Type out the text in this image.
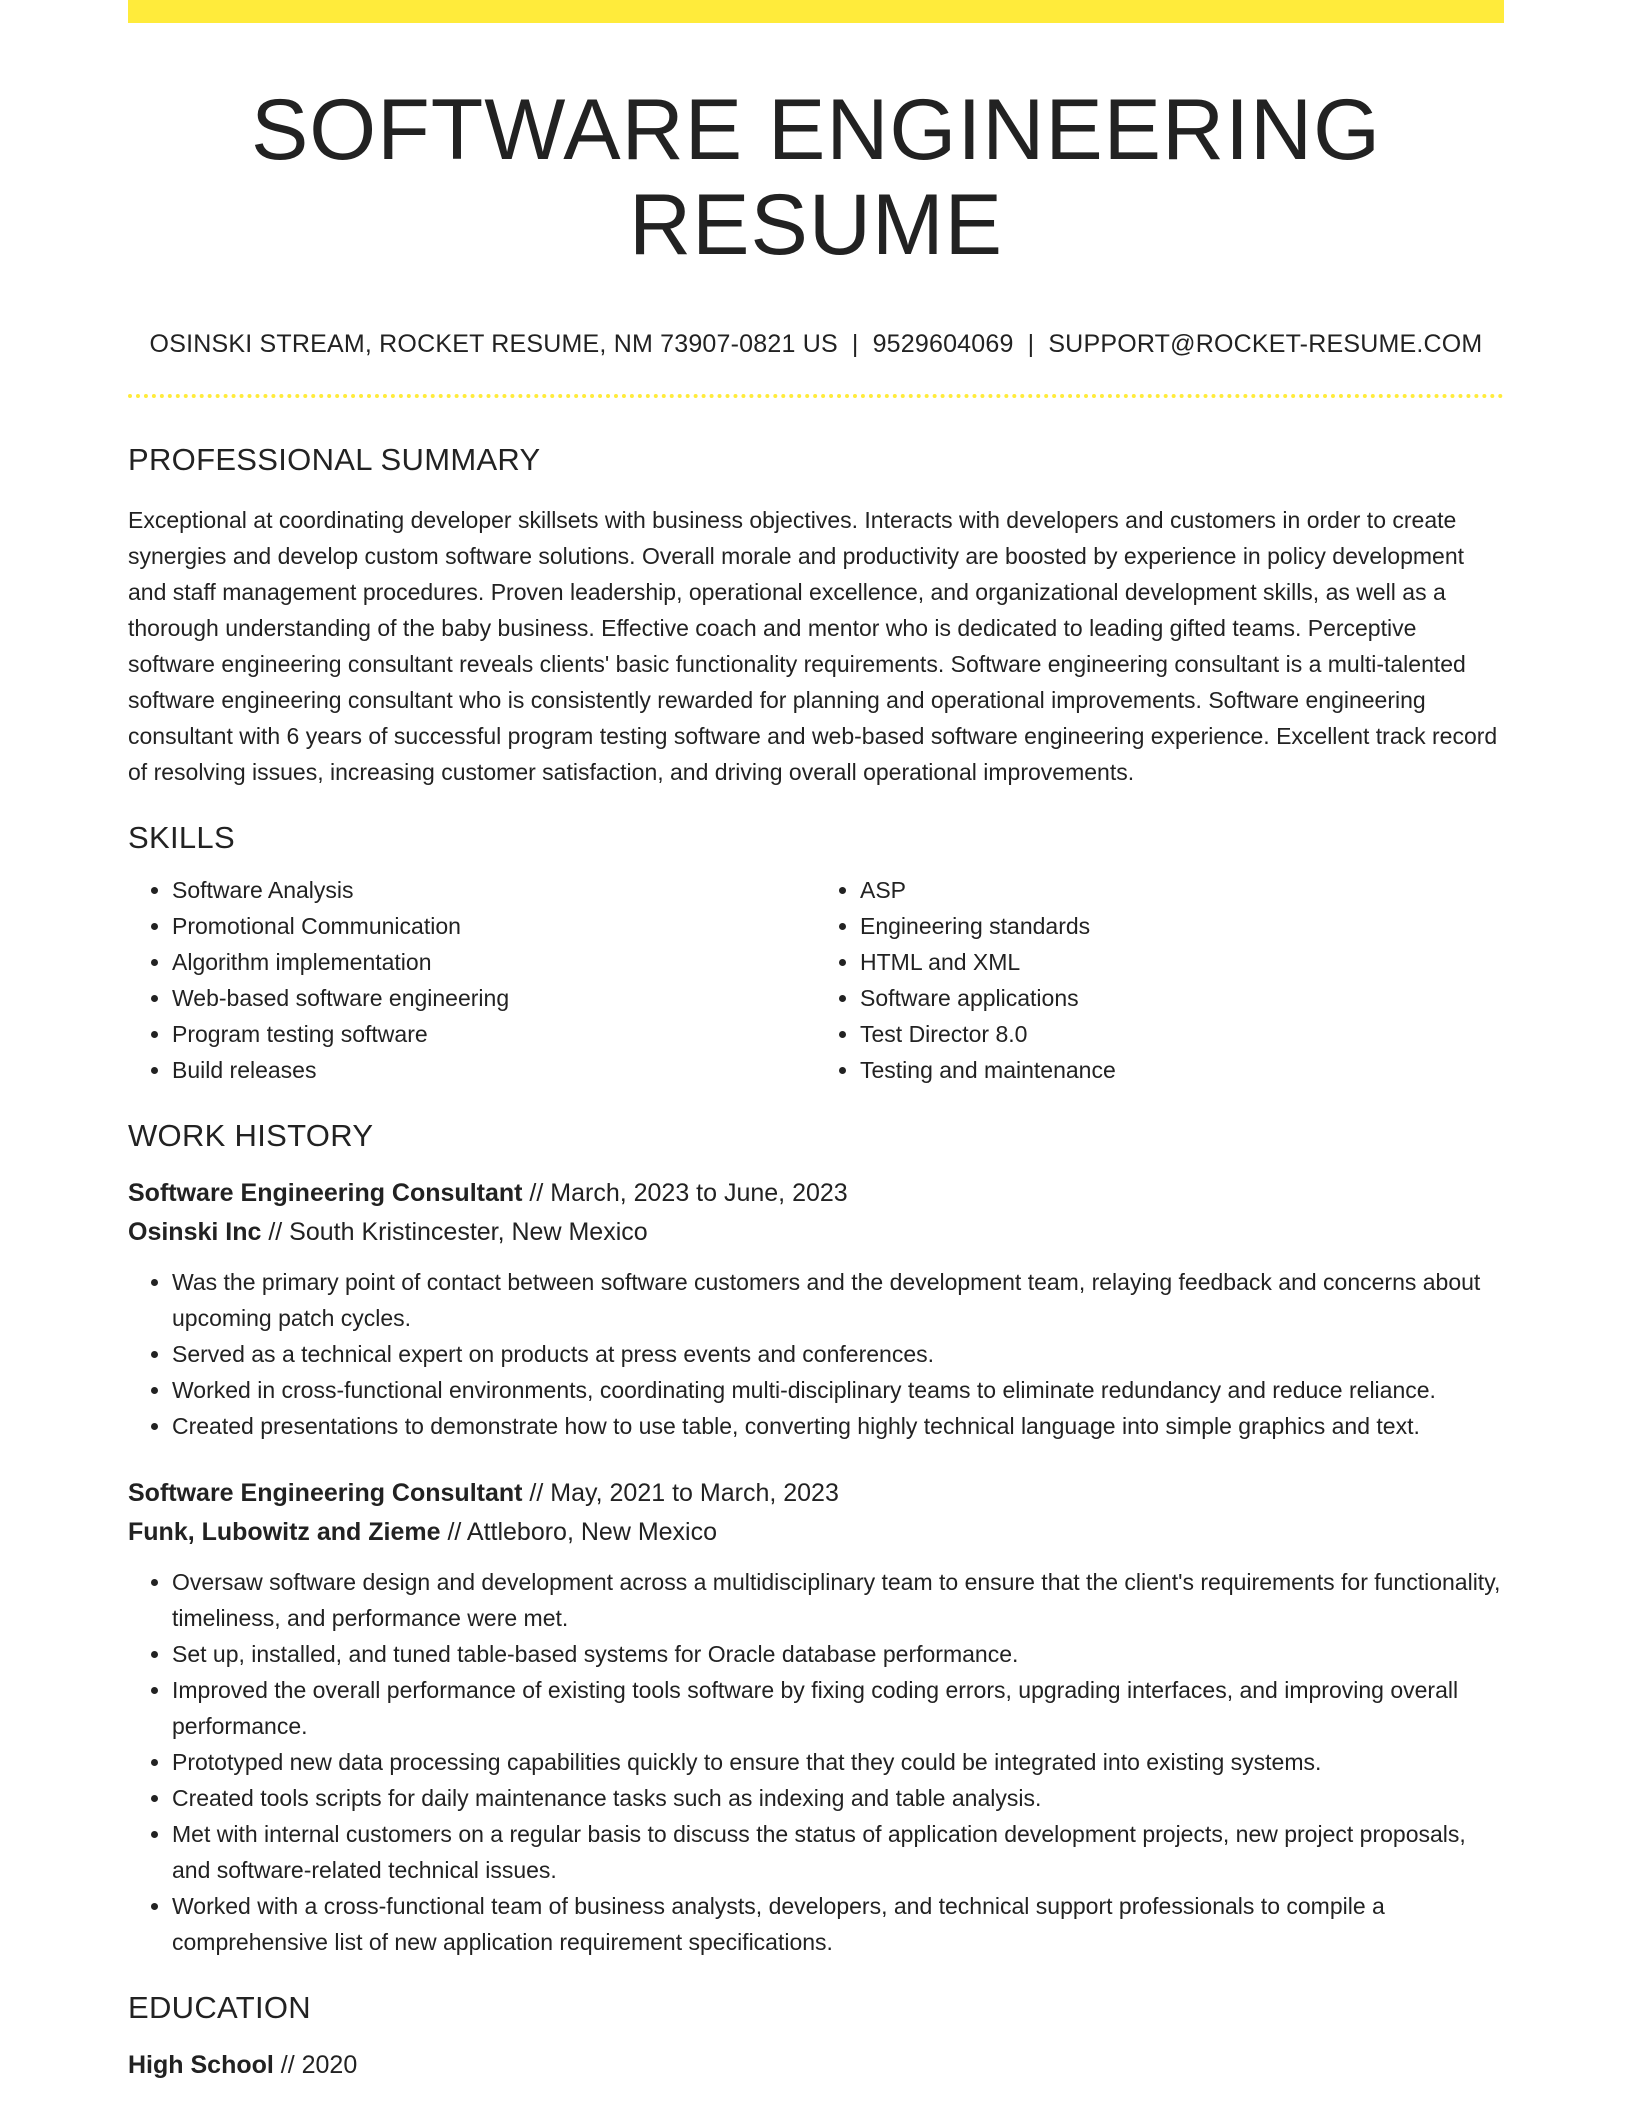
SOFTWARE ENGINEERING RESUME
OSINSKI STREAM, ROCKET RESUME, NM 73907-0821 US | 9529604069 | SUPPORT@ROCKET-RESUME.COM
PROFESSIONAL SUMMARY

Exceptional at coordinating developer skillsets with business objectives. Interacts with developers and customers in order to create synergies and develop custom software solutions. Overall morale and productivity are boosted by experience in policy development and staff management procedures. Proven leadership, operational excellence, and organizational development skills, as well as a thorough understanding of the baby business. Effective coach and mentor who is dedicated to leading gifted teams. Perceptive software engineering consultant reveals clients' basic functionality requirements. Software engineering consultant is a multi-talented software engineering consultant who is consistently rewarded for planning and operational improvements. Software engineering consultant with 6 years of successful program testing software and web-based software engineering experience. Excellent track record of resolving issues, increasing customer satisfaction, and driving overall operational improvements.

SKILLS
• Software Analysis
• Promotional Communication
• Algorithm implementation
• Web-based software engineering
• Program testing software
• Build releases
• ASP
• Engineering standards
• HTML and XML
• Software applications
• Test Director 8.0
• Testing and maintenance
WORK HISTORY
Software Engineering Consultant // March, 2023 to June, 2023
Osinski Inc // South Kristincester, New Mexico
• Was the primary point of contact between software customers and the development team, relaying feedback and concerns about upcoming patch cycles.
• Served as a technical expert on products at press events and conferences.
• Worked in cross-functional environments, coordinating multi-disciplinary teams to eliminate redundancy and reduce reliance.
• Created presentations to demonstrate how to use table, converting highly technical language into simple graphics and text.
Software Engineering Consultant // May, 2021 to March, 2023
Funk, Lubowitz and Zieme // Attleboro, New Mexico
• Oversaw software design and development across a multidisciplinary team to ensure that the client's requirements for functionality, timeliness, and performance were met.
• Set up, installed, and tuned table-based systems for Oracle database performance.
• Improved the overall performance of existing tools software by fixing coding errors, upgrading interfaces, and improving overall performance.
• Prototyped new data processing capabilities quickly to ensure that they could be integrated into existing systems.
• Created tools scripts for daily maintenance tasks such as indexing and table analysis.
• Met with internal customers on a regular basis to discuss the status of application development projects, new project proposals, and software-related technical issues.
• Worked with a cross-functional team of business analysts, developers, and technical support professionals to compile a comprehensive list of new application requirement specifications.
EDUCATION
High School // 2020
